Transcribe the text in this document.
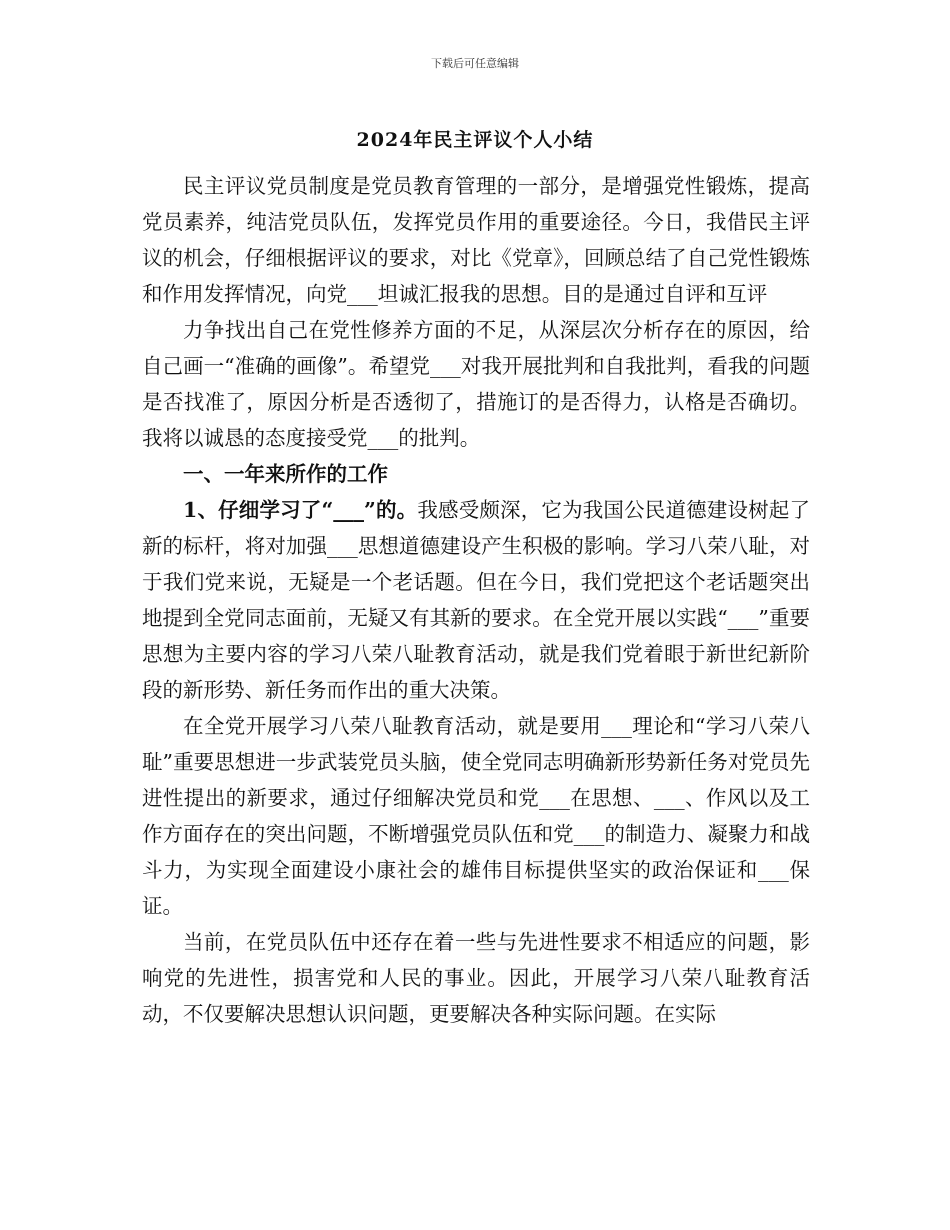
下载后可任意编辑
2024年民主评议个人小结

民主评议党员制度是党员教育管理的一部分，是增强党性锻炼，提高党员素养，纯洁党员队伍，发挥党员作用的重要途径。今日，我借民主评议的机会，仔细根据评议的要求，对比《党章》，回顾总结了自己党性锻炼和作用发挥情况，向党___坦诚汇报我的思想。目的是通过自评和互评

力争找出自己在党性修养方面的不足，从深层次分析存在的原因，给自己画一“准确的画像”。希望党___对我开展批判和自我批判，看我的问题是否找准了，原因分析是否透彻了，措施订的是否得力，认格是否确切。我将以诚恳的态度接受党___的批判。

一、一年来所作的工作

1、仔细学习了“___”的。我感受颇深，它为我国公民道德建设树起了新的标杆，将对加强___思想道德建设产生积极的影响。学习八荣八耻，对于我们党来说，无疑是一个老话题。但在今日，我们党把这个老话题突出地提到全党同志面前，无疑又有其新的要求。在全党开展以实践“___”重要思想为主要内容的学习八荣八耻教育活动，就是我们党着眼于新世纪新阶段的新形势、新任务而作出的重大决策。

在全党开展学习八荣八耻教育活动，就是要用___理论和“学习八荣八耻”重要思想进一步武装党员头脑，使全党同志明确新形势新任务对党员先进性提出的新要求，通过仔细解决党员和党___在思想、___、作风以及工作方面存在的突出问题，不断增强党员队伍和党___的制造力、凝聚力和战斗力，为实现全面建设小康社会的雄伟目标提供坚实的政治保证和___保证。

当前，在党员队伍中还存在着一些与先进性要求不相适应的问题，影响党的先进性，损害党和人民的事业。因此，开展学习八荣八耻教育活动，不仅要解决思想认识问题，更要解决各种实际问题。在实际
